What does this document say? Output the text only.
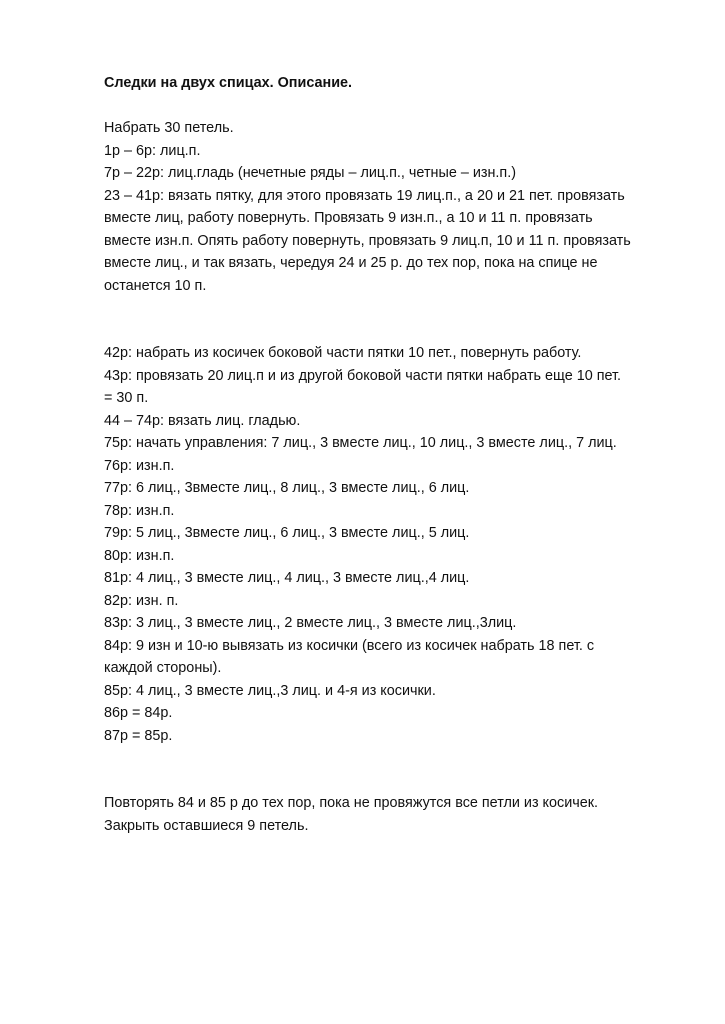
Следки на двух спицах. Описание.

Набрать 30 петель.

1р – 6р: лиц.п.

7р – 22р: лиц.гладь (нечетные ряды – лиц.п., четные – изн.п.)

23 – 41р: вязать пятку, для этого провязать 19 лиц.п., а 20 и 21 пет. провязать

вместе лиц, работу повернуть. Провязать 9 изн.п., а 10 и 11 п. провязать

вместе изн.п. Опять работу повернуть, провязать 9 лиц.п, 10 и 11 п. провязать

вместе лиц., и так вязать, чередуя 24 и 25 р. до тех пор, пока на спице не

останется 10 п.

42р: набрать из косичек боковой части пятки 10 пет., повернуть работу.

43р: провязать 20 лиц.п и из другой боковой части пятки набрать еще 10 пет.

= 30 п.

44 – 74р: вязать лиц. гладью.

75р: начать управления: 7 лиц., 3 вместе лиц., 10 лиц., 3 вместе лиц., 7 лиц.

76р: изн.п.

77р: 6 лиц., 3вместе лиц., 8 лиц., 3 вместе лиц., 6 лиц.

78р: изн.п.

79р: 5 лиц., 3вместе лиц., 6 лиц., 3 вместе лиц., 5 лиц.

80р: изн.п.

81р: 4 лиц., 3 вместе лиц., 4 лиц., 3 вместе лиц.,4 лиц.

82р: изн. п.

83р: 3 лиц., 3 вместе лиц., 2 вместе лиц., 3 вместе лиц.,3лиц.

84р: 9 изн и 10-ю вывязать из косички (всего из косичек набрать 18 пет. с

каждой стороны).

85р: 4 лиц., 3 вместе лиц.,3 лиц. и 4-я из косички.

86р = 84р.

87р = 85р.

Повторять 84 и 85 р до тех пор, пока не провяжутся все петли из косичек.

Закрыть оставшиеся 9 петель.
